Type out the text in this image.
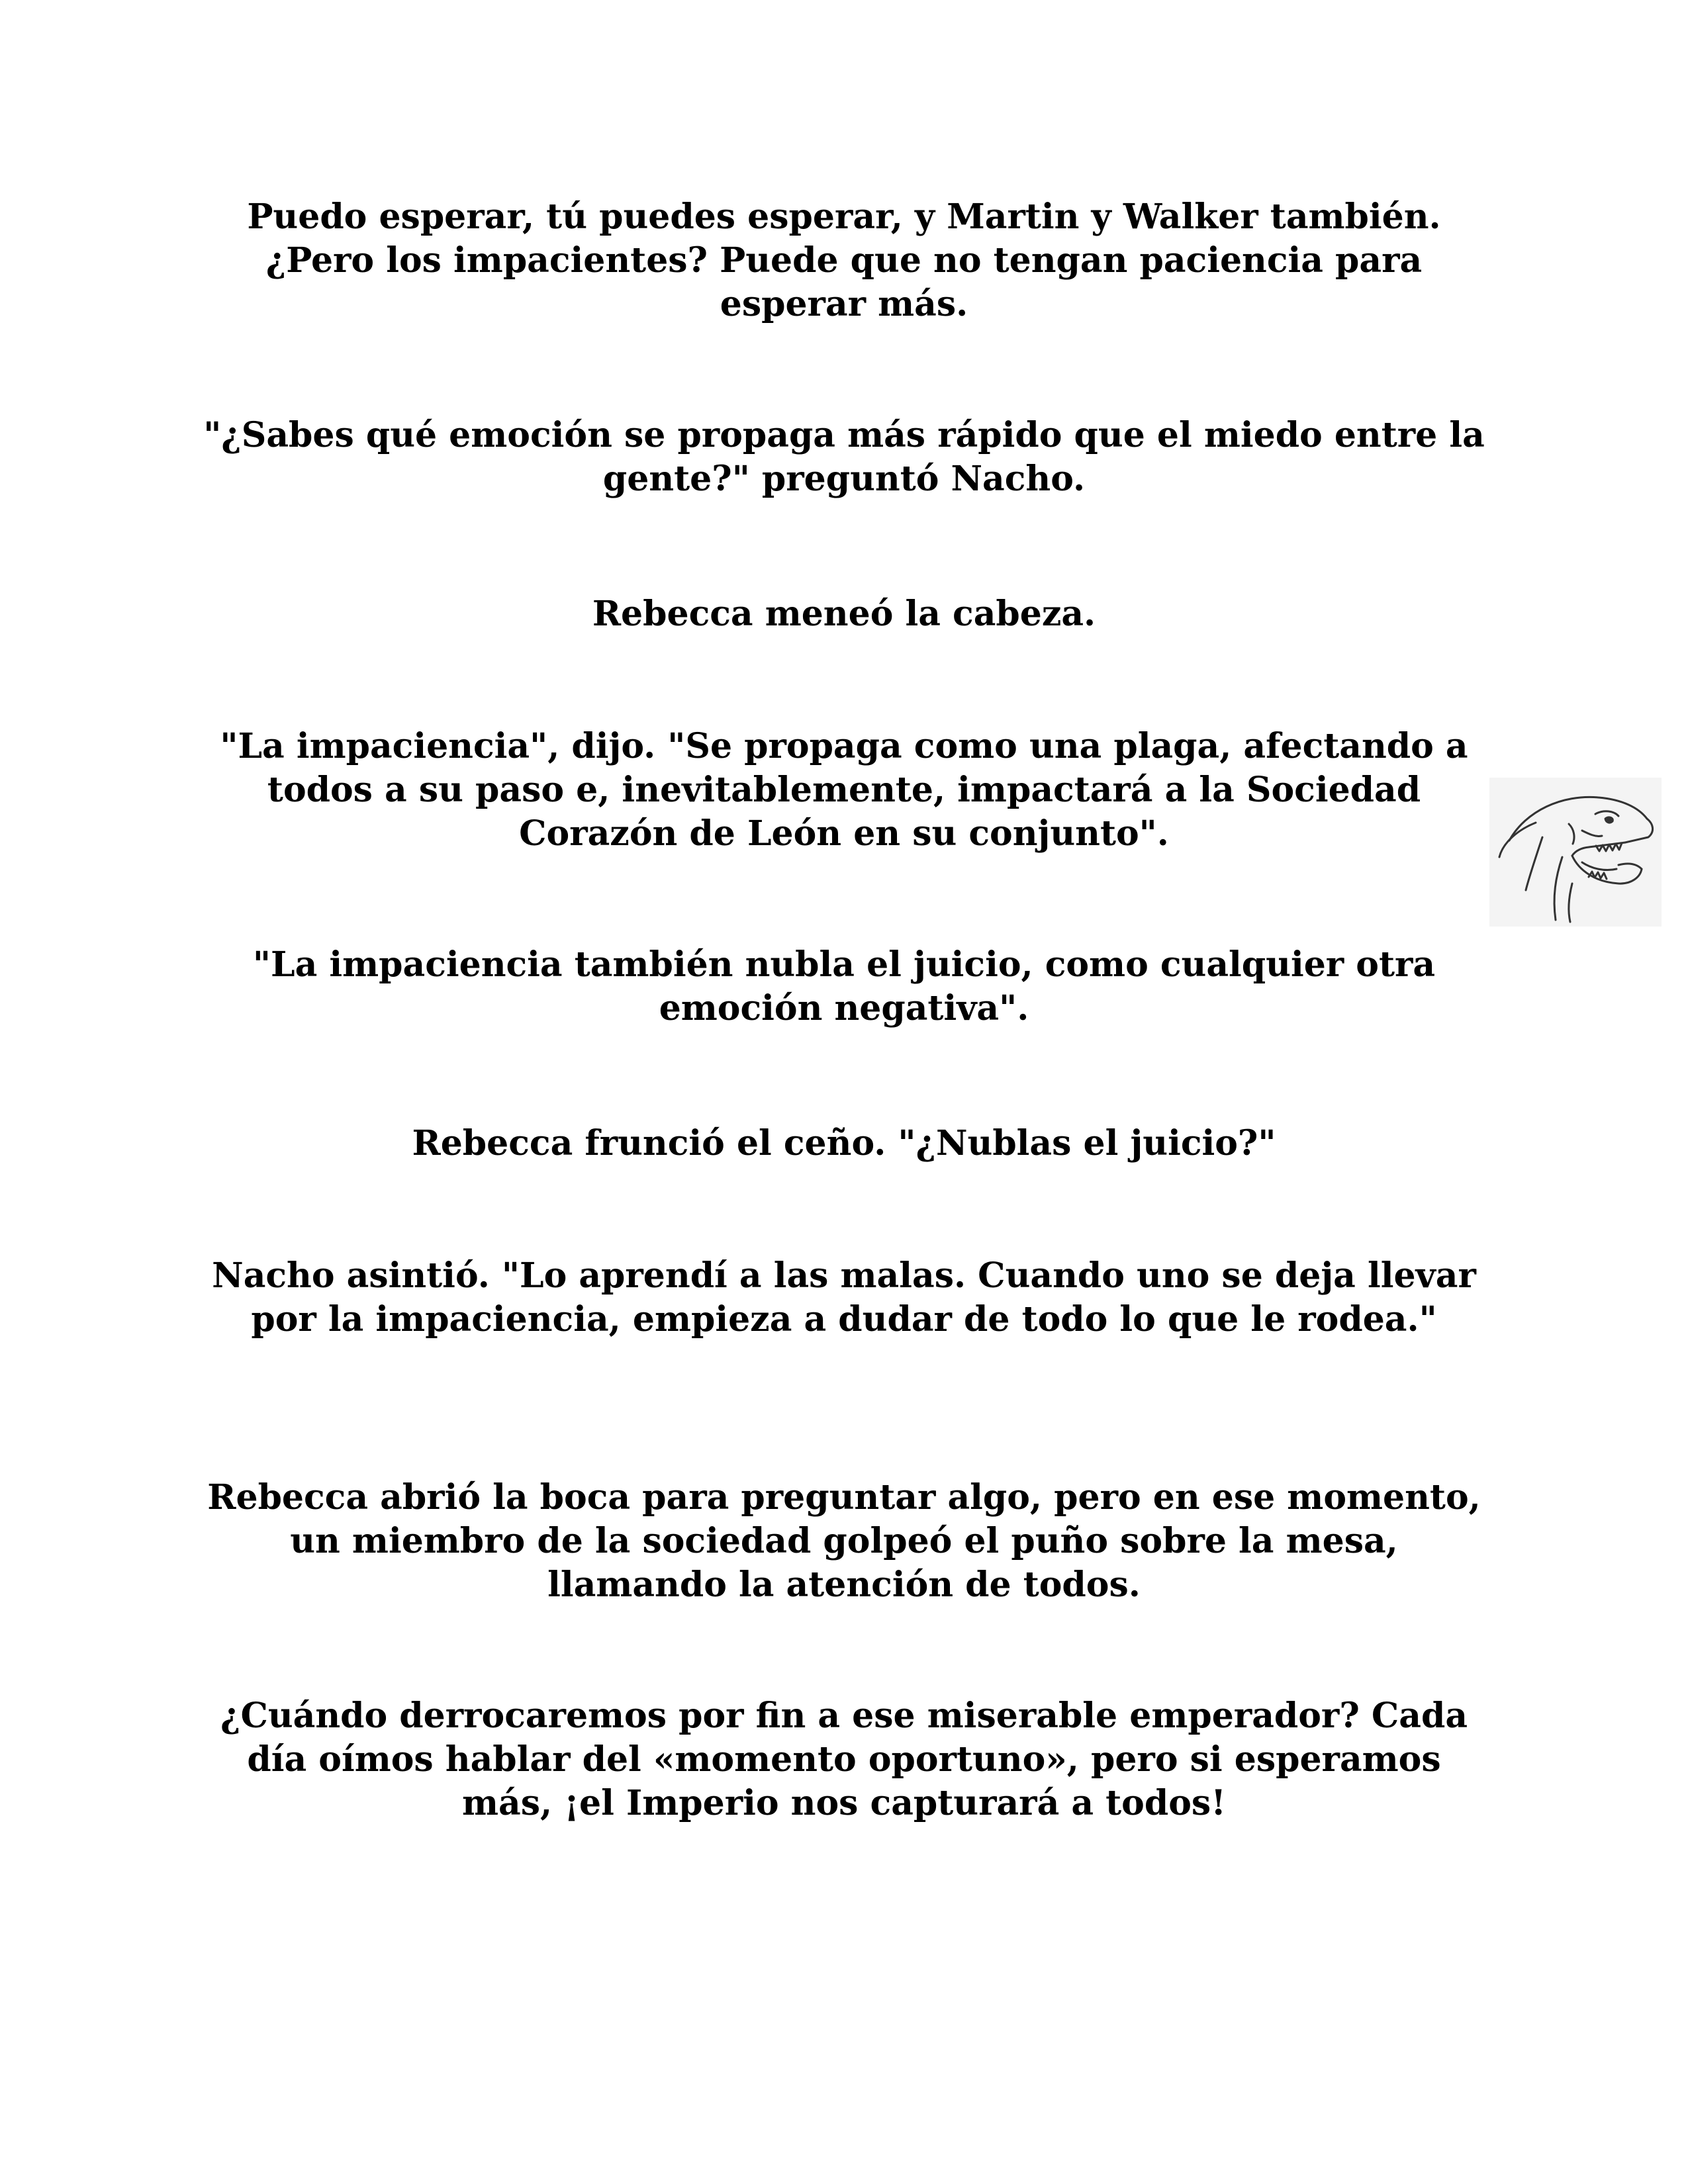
Puedo esperar, tú puedes esperar, y Martin y Walker también. ¿Pero los impacientes? Puede que no tengan paciencia para esperar más.

"¿Sabes qué emoción se propaga más rápido que el miedo entre la gente?" preguntó Nacho.

Rebecca meneó la cabeza.

"La impaciencia", dijo. "Se propaga como una plaga, afectando a todos a su paso e, inevitablemente, impactará a la Sociedad Corazón de León en su conjunto".

"La impaciencia también nubla el juicio, como cualquier otra emoción negativa".

Rebecca frunció el ceño. "¿Nublas el juicio?"

Nacho asintió. "Lo aprendí a las malas. Cuando uno se deja llevar por la impaciencia, empieza a dudar de todo lo que le rodea."

Rebecca abrió la boca para preguntar algo, pero en ese momento, un miembro de la sociedad golpeó el puño sobre la mesa, llamando la atención de todos.

¿Cuándo derrocaremos por fin a ese miserable emperador? Cada día oímos hablar del «momento oportuno», pero si esperamos más, ¡el Imperio nos capturará a todos!
